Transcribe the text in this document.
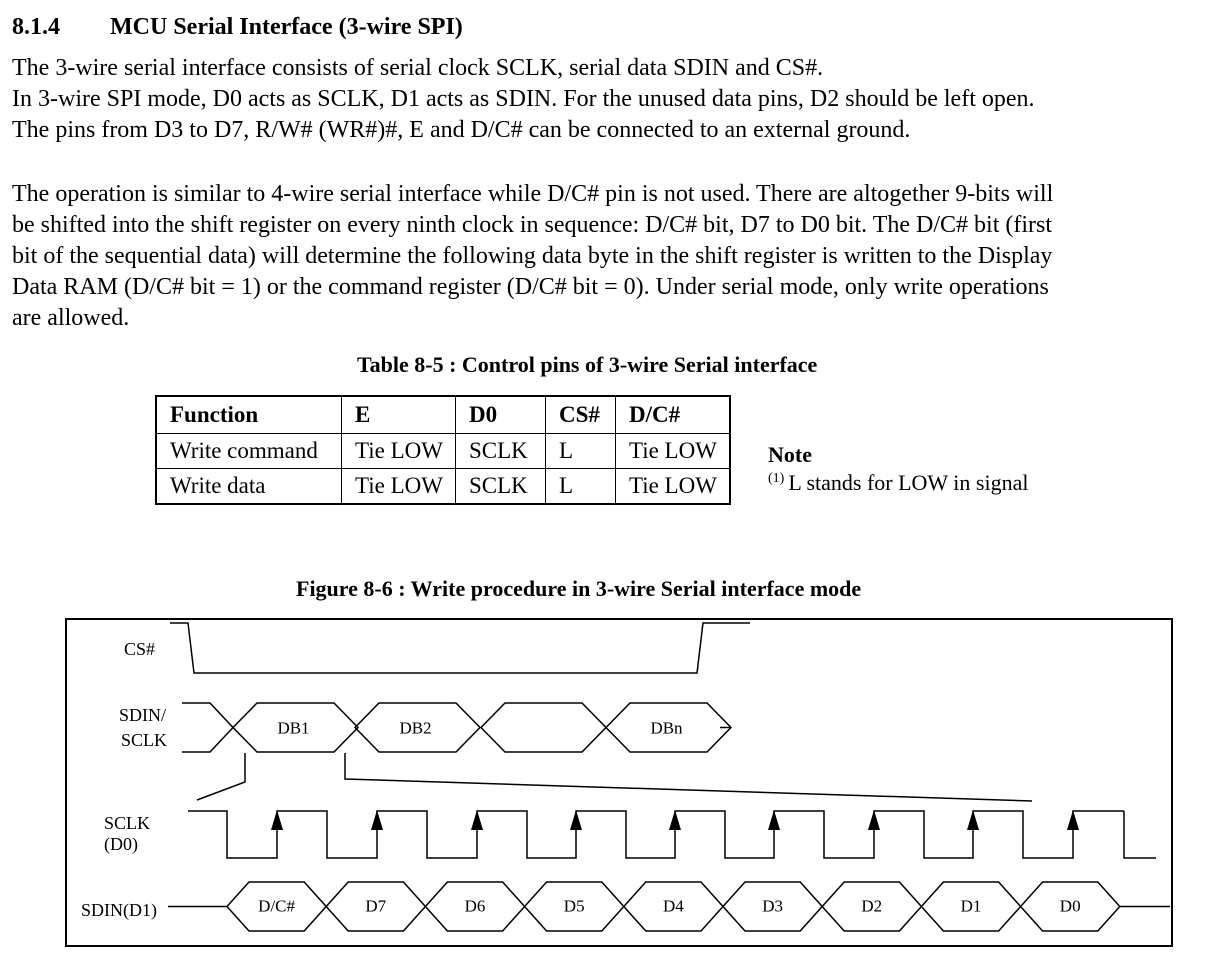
8.1.4 MCU Serial Interface (3-wire SPI)
The 3-wire serial interface consists of serial clock SCLK, serial data SDIN and CS#.
In 3-wire SPI mode, D0 acts as SCLK, D1 acts as SDIN. For the unused data pins, D2 should be left open.
The pins from D3 to D7, R/W# (WR#)#, E and D/C# can be connected to an external ground.
The operation is similar to 4-wire serial interface while D/C# pin is not used. There are altogether 9-bits will
be shifted into the shift register on every ninth clock in sequence: D/C# bit, D7 to D0 bit. The D/C# bit (first
bit of the sequential data) will determine the following data byte in the shift register is written to the Display
Data RAM (D/C# bit = 1) or the command register (D/C# bit = 0). Under serial mode, only write operations
are allowed.
Table 8-5 : Control pins of 3-wire Serial interface
Function	E	D0	CS#	D/C#
Write command	Tie LOW	SCLK	L	Tie LOW
Write data	Tie LOW	SCLK	L	Tie LOW
Note
$^{(1)}$ L stands for LOW in signal
Figure 8-6 : Write procedure in 3-wire Serial interface mode
CS#
SDIN/
SCLK
SCLK
(D0)
SDIN(D1)
DB1	DB2	DBn
D/C#	D7	D6	D5	D4	D3	D2	D1	D0
